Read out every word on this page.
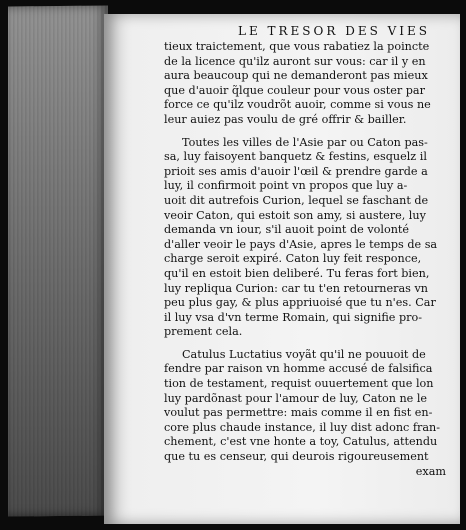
LE TRESOR DES VIES
tieux traictement, que vous rabatiez la poincte
de la licence qu'ilz auront sur vous: car il y en
aura beaucoup qui ne demanderont pas mieux
que d'auoir q̃lque couleur pour vous oster par
force ce qu'ilz voudrõt auoir, comme si vous ne
leur auiez pas voulu de gré offrir & bailler.
Toutes les villes de l'Asie par ou Caton pas-
sa, luy faisoyent banquetz & festins, esquelz il
prioit ses amis d'auoir l'œil & prendre garde a
luy, il confirmoit point vn propos que luy a-
uoit dit autrefois Curion, lequel se faschant de
veoir Caton, qui estoit son amy, si austere, luy
demanda vn iour, s'il auoit point de volonté
d'aller veoir le pays d'Asie, apres le temps de sa
charge seroit expiré. Caton luy feit responce,
qu'il en estoit bien deliberé. Tu feras fort bien,
luy repliqua Curion: car tu t'en retourneras vn
peu plus gay, & plus appriuoisé que tu n'es. Car
il luy vsa d'vn terme Romain, qui signifie pro-
prement cela.
Catulus Luctatius voyãt qu'il ne pouuoit de
fendre par raison vn homme accusé de falsifica
tion de testament, requist ouuertement que lon
luy pardõnast pour l'amour de luy, Caton ne le
voulut pas permettre: mais comme il en fist en-
core plus chaude instance, il luy dist adonc fran-
chement, c'est vne honte a toy, Catulus, attendu
que tu es censeur, qui deurois rigoureusement
exam
